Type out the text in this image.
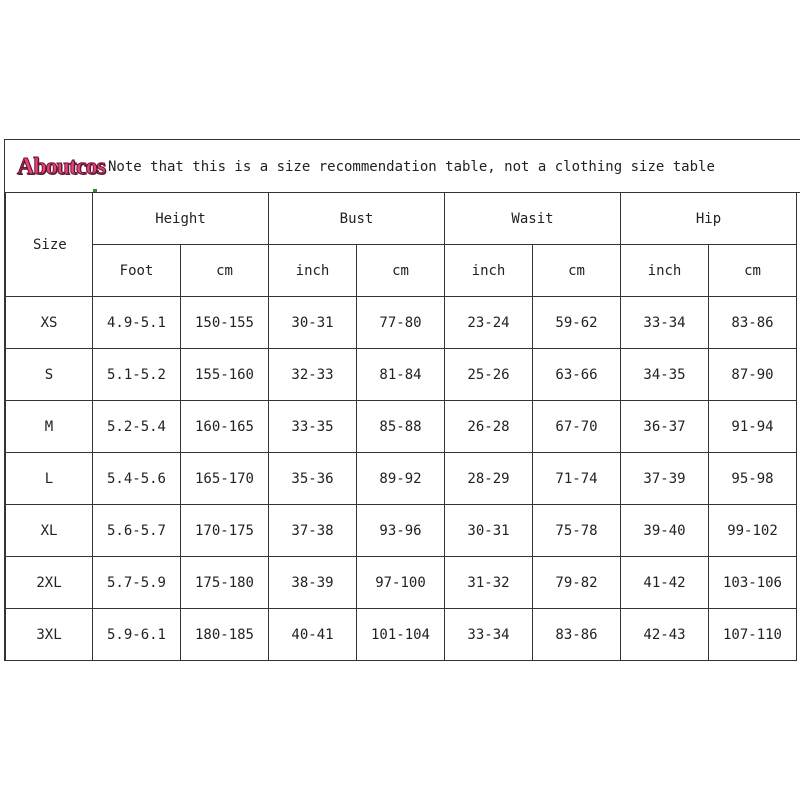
Note that this is a size recommendation table, not a clothing size table
Aboutcos
Size	Height		Bust		Wasit		Hip	
	Foot	cm	inch	cm	inch	cm	inch	cm
XS	4.9-5.1	150-155	30-31	77-80	23-24	59-62	33-34	83-86
S	5.1-5.2	155-160	32-33	81-84	25-26	63-66	34-35	87-90
M	5.2-5.4	160-165	33-35	85-88	26-28	67-70	36-37	91-94
L	5.4-5.6	165-170	35-36	89-92	28-29	71-74	37-39	95-98
XL	5.6-5.7	170-175	37-38	93-96	30-31	75-78	39-40	99-102
2XL	5.7-5.9	175-180	38-39	97-100	31-32	79-82	41-42	103-106
3XL	5.9-6.1	180-185	40-41	101-104	33-34	83-86	42-43	107-110
